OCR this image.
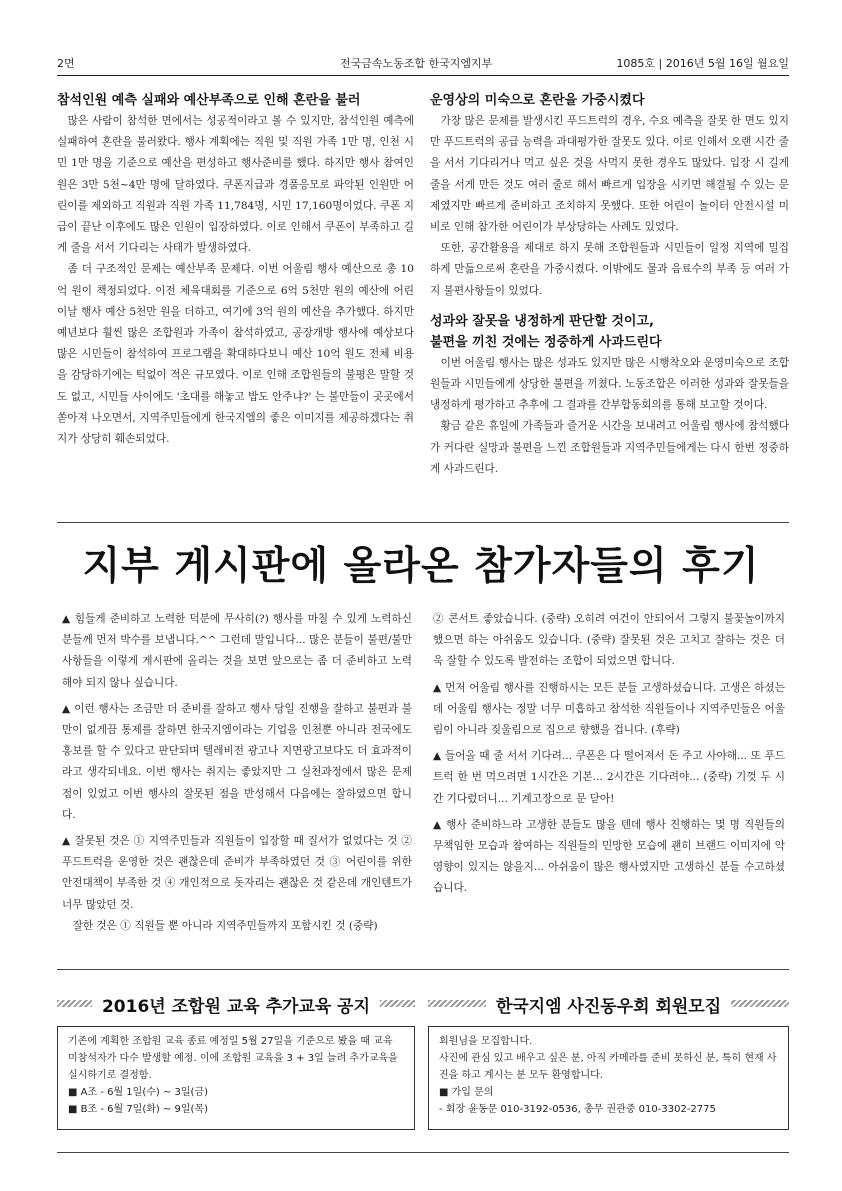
2면	전국금속노동조합 한국지엠지부	1085호 | 2016년 5월 16일 월요일
참석인원 예측 실패와 예산부족으로 인해 혼란을 불러

많은 사람이 참석한 면에서는 성공적이라고 볼 수 있지만, 참석인원 예측에 실패하여 혼란을 불러왔다. 행사 계획에는 직원 및 직원 가족 1만 명, 인천 시민 1만 명을 기준으로 예산을 편성하고 행사준비를 했다. 하지만 행사 참여인원은 3만 5천~4만 명에 달하였다. 쿠폰지급과 경품응모로 파악된 인원만 어린이를 제외하고 직원과 직원 가족 11,784명, 시민 17,160명이었다. 쿠폰 지급이 끝난 이후에도 많은 인원이 입장하였다. 이로 인해서 쿠폰이 부족하고 길게 줄을 서서 기다리는 사태가 발생하였다.

좀 더 구조적인 문제는 예산부족 문제다. 이번 어울림 행사 예산으로 총 10억 원이 책정되었다. 이전 체육대회를 기준으로 6억 5천만 원의 예산에 어린이날 행사 예산 5천만 원을 더하고, 여기에 3억 원의 예산을 추가했다. 하지만 예년보다 훨씬 많은 조합원과 가족이 참석하였고, 공장개방 행사에 예상보다 많은 시민들이 참석하여 프로그램을 확대하다보니 예산 10억 원도 전체 비용을 감당하기에는 턱없이 적은 규모였다. 이로 인해 조합원들의 불평은 말할 것도 없고, 시민들 사이에도 '초대를 해놓고 밥도 안주냐?' 는 불만들이 곳곳에서 쏟아져 나오면서, 지역주민들에게 한국지엠의 좋은 이미지를 제공하겠다는 취지가 상당히 훼손되었다.

운영상의 미숙으로 혼란을 가중시켰다

가장 많은 문제를 발생시킨 푸드트럭의 경우, 수요 예측을 잘못 한 면도 있지만 푸드트럭의 공급 능력을 과대평가한 잘못도 있다. 이로 인해서 오랜 시간 줄을 서서 기다리거나 먹고 싶은 것을 사먹지 못한 경우도 많았다. 입장 시 길게 줄을 서게 만든 것도 여러 줄로 해서 빠르게 입장을 시키면 해결될 수 있는 문제였지만 빠르게 준비하고 조치하지 못했다. 또한 어린이 놀이터 안전시설 미비로 인해 참가한 어린이가 부상당하는 사례도 있었다.

또한, 공간활용을 제대로 하지 못해 조합원들과 시민들이 일정 지역에 밀집하게 만듦으로써 혼란을 가중시켰다. 이밖에도 물과 음료수의 부족 등 여러 가지 불편사항들이 있었다.

성과와 잘못을 냉정하게 판단할 것이고,
불편을 끼친 것에는 정중하게 사과드린다

이번 어울림 행사는 많은 성과도 있지만 많은 시행착오와 운영미숙으로 조합원들과 시민들에게 상당한 불편을 끼쳤다. 노동조합은 이러한 성과와 잘못들을 냉정하게 평가하고 추후에 그 결과를 간부합동회의를 통해 보고할 것이다.

황금 같은 휴일에 가족들과 즐거운 시간을 보내려고 어울림 행사에 참석했다가 커다란 실망과 불편을 느낀 조합원들과 지역주민들에게는 다시 한번 정중하게 사과드린다.

지부 게시판에 올라온 참가자들의 후기

▲ 힘들게 준비하고 노력한 덕분에 무사히(?) 행사를 마칠 수 있게 노력하신 분들께 먼저 박수를 보냅니다.^^ 그런데 말입니다... 많은 분들이 불편/불만 사항들을 이렇게 게시판에 올리는 것을 보면 앞으로는 좀 더 준비하고 노력해야 되지 않나 싶습니다.

▲ 이런 행사는 조금만 더 준비를 잘하고 행사 당일 진행을 잘하고 불편과 불만이 없게끔 통제를 잘하면 한국지엠이라는 기업을 인천뿐 아니라 전국에도 홍보를 할 수 있다고 판단되며 텔레비전 광고나 지면광고보다도 더 효과적이라고 생각되네요. 이번 행사는 취지는 좋았지만 그 실천과정에서 많은 문제점이 있었고 이번 행사의 잘못된 점을 반성해서 다음에는 잘하였으면 합니다.

▲ 잘못된 것은 ① 지역주민들과 직원들이 입장할 때 질서가 없었다는 것 ② 푸드트럭을 운영한 것은 괜찮은데 준비가 부족하였던 것 ③ 어린이를 위한 안전대책이 부족한 것 ④ 개인적으로 돗자리는 괜찮은 것 같은데 개인텐트가 너무 많았던 것.

잘한 것은 ① 직원들 뿐 아니라 지역주민들까지 포함시킨 것 (중략)

② 콘서트 좋았습니다. (중략) 오히려 여건이 안되어서 그렇지 불꽃놀이까지 했으면 하는 아쉬움도 있습니다. (중략) 잘못된 것은 고치고 잘하는 것은 더욱 잘할 수 있도록 발전하는 조합이 되었으면 합니다.

▲ 먼저 어울림 행사를 진행하시는 모든 분들 고생하셨습니다. 고생은 하셨는데 어울림 행사는 정말 너무 미흡하고 참석한 직원들이나 지역주민들은 어울림이 아니라 짖울림으로 집으로 향했을 겁니다. (후략)

▲ 들어올 때 줄 서서 기다려... 쿠폰은 다 떨어져서 돈 주고 사야해... 또 푸드트럭 한 번 먹으려면 1시간은 기본... 2시간은 기다려야... (중략) 기껏 두 시간 기다렸더니... 기계고장으로 문 닫아!

▲ 행사 준비하느라 고생한 분들도 많을 텐데 행사 진행하는 몇 명 직원들의 무책임한 모습과 참여하는 직원들의 민망한 모습에 괜히 브랜드 이미지에 악영향이 있지는 않을지... 아쉬움이 많은 행사였지만 고생하신 분들 수고하셨습니다.

2016년 조합원 교육 추가교육 공지	한국지엠 사진동우회 회원모집

기존에 계획한 조합원 교육 종료 예정일 5월 27일을 기준으로 봤을 때 교육 미참석자가 다수 발생할 예정. 이에 조합원 교육을 3 + 3일 늘려 추가교육을 실시하기로 결정함.

■ A조 - 6월 1일(수) ~ 3일(금)

■ B조 - 6월 7일(화) ~ 9일(목)

회원님을 모집합니다.

사진에 관심 있고 배우고 싶은 분, 아직 카메라를 준비 못하신 분, 특히 현재 사진을 하고 계시는 분 모두 환영합니다.

■ 가입 문의

- 회장 윤동문 010-3192-0536, 총무 권관중 010-3302-2775
